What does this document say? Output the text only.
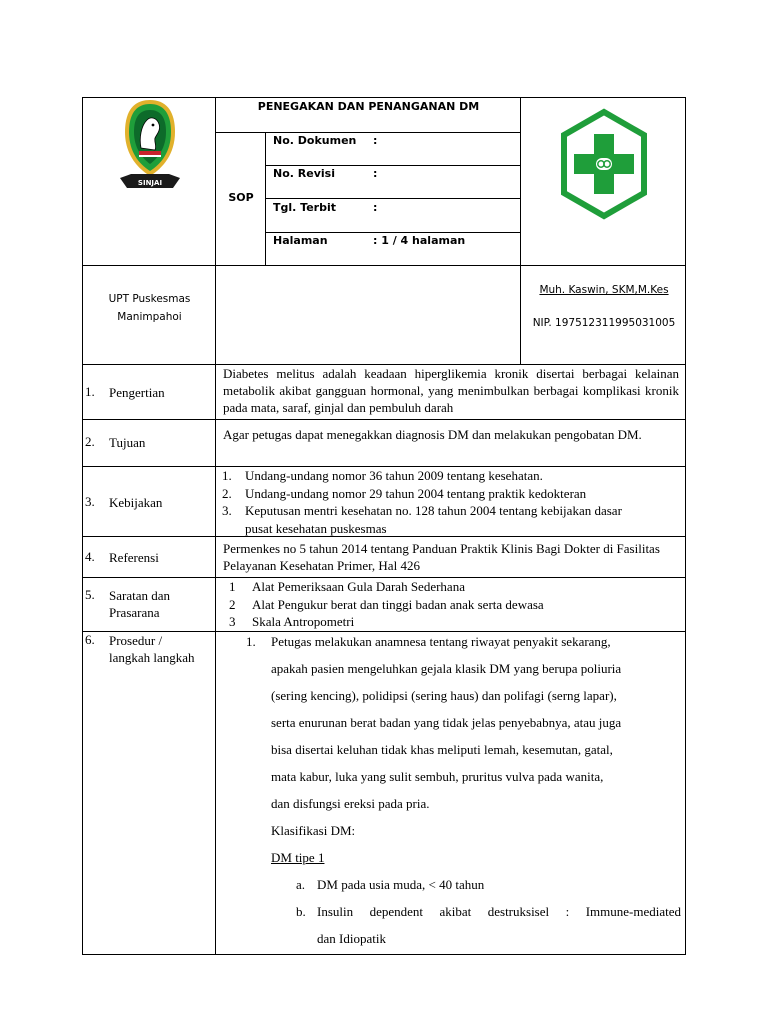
SINJAI
PENEGAKAN DAN PENANGANAN DM
SOP
No. Dokumen :
No. Revisi	:
Tgl. Terbit	:
Halaman	: 1 / 4 halaman
UPT Puskesmas
Manimpahoi
Muh. Kaswin, SKM,M.Kes
NIP. 197512311995031005
1.	Pengertian
Diabetes melitus adalah keadaan hiperglikemia kronik disertai berbagai kelainan metabolik akibat gangguan hormonal, yang menimbulkan berbagai komplikasi kronik pada mata, saraf, ginjal dan pembuluh darah
2.	Tujuan
Agar petugas dapat menegakkan diagnosis DM dan melakukan pengobatan DM.
3.	Kebijakan
1. Undang-undang nomor 36 tahun 2009 tentang kesehatan.
2. Undang-undang nomor 29 tahun 2004 tentang praktik kedokteran
3. Keputusan mentri kesehatan no. 128 tahun 2004 tentang kebijakan dasar pusat kesehatan puskesmas
4.	Referensi
Permenkes no 5 tahun 2014 tentang Panduan Praktik Klinis Bagi Dokter di Fasilitas Pelayanan Kesehatan Primer, Hal 426
5.	Saratan dan
Prasarana
1 Alat Pemeriksaan Gula Darah Sederhana
2 Alat Pengukur berat dan tinggi badan anak serta dewasa
3 Skala Antropometri
6.	Prosedur /
langkah langkah
1. Petugas melakukan anamnesa tentang riwayat penyakit sekarang,
apakah pasien mengeluhkan gejala klasik DM yang berupa poliuria
(sering kencing), polidipsi (sering haus) dan polifagi (serng lapar),
serta enurunan berat badan yang tidak jelas penyebabnya, atau juga
bisa disertai keluhan tidak khas meliputi lemah, kesemutan, gatal,
mata kabur, luka yang sulit sembuh, pruritus vulva pada wanita,
dan disfungsi ereksi pada pria.
Klasifikasi DM:
DM tipe 1
a. DM pada usia muda, < 40 tahun
b. Insulin dependent akibat destruksisel : Immune-mediated
dan Idiopatik
